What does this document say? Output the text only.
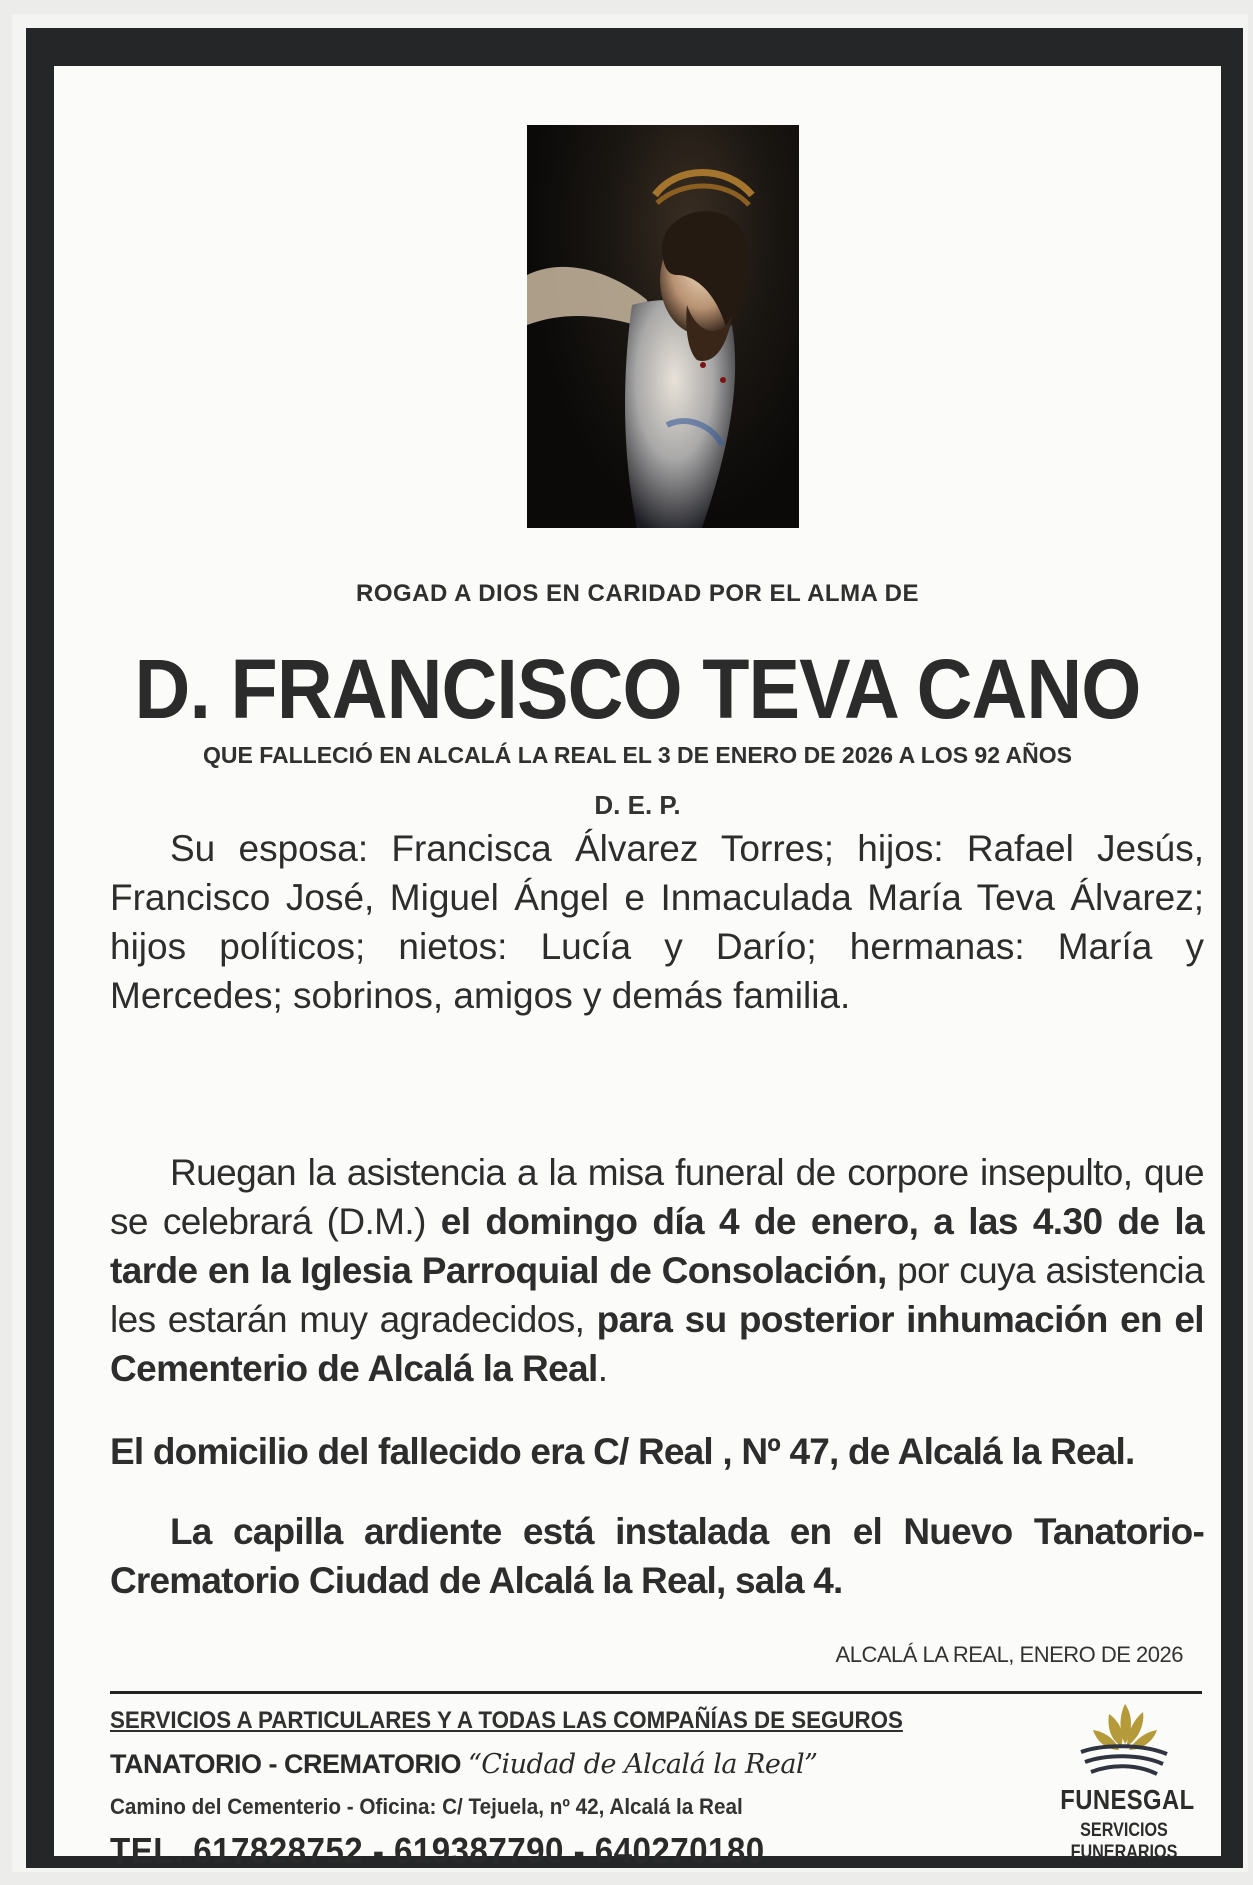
ROGAD A DIOS EN CARIDAD POR EL ALMA DE

D. FRANCISCO TEVA CANO

QUE FALLECIÓ EN ALCALÁ LA REAL EL 3 DE ENERO DE 2026 A LOS 92 AÑOS

D. E. P.

Su esposa: Francisca Álvarez Torres; hijos: Rafael Jesús, Francisco José, Miguel Ángel e Inmaculada María Teva Álvarez; hijos políticos; nietos: Lucía y Darío; hermanas: María y Mercedes; sobrinos, amigos y demás familia.
Ruegan la asistencia a la misa funeral de corpore insepulto, que se celebrará (D.M.) el domingo día 4 de enero, a las 4.30 de la tarde en la Iglesia Parroquial de Consolación, por cuya asistencia les estarán muy agradecidos, para su posterior inhumación en el Cementerio de Alcalá la Real.
El domicilio del fallecido era C/ Real , Nº 47, de Alcalá la Real.
La capilla ardiente está instalada en el Nuevo Tanatorio-Crematorio Ciudad de Alcalá la Real, sala 4.

ALCALÁ LA REAL, ENERO DE 2026

SERVICIOS A PARTICULARES Y A TODAS LAS COMPAÑÍAS DE SEGUROS

TANATORIO - CREMATORIO “Ciudad de Alcalá la Real”

Camino del Cementerio - Oficina: C/ Tejuela, nº 42, Alcalá la Real

TEL. 617828752 - 619387790 - 640270180

FUNESGAL
SERVICIOS FUNERARIOS
